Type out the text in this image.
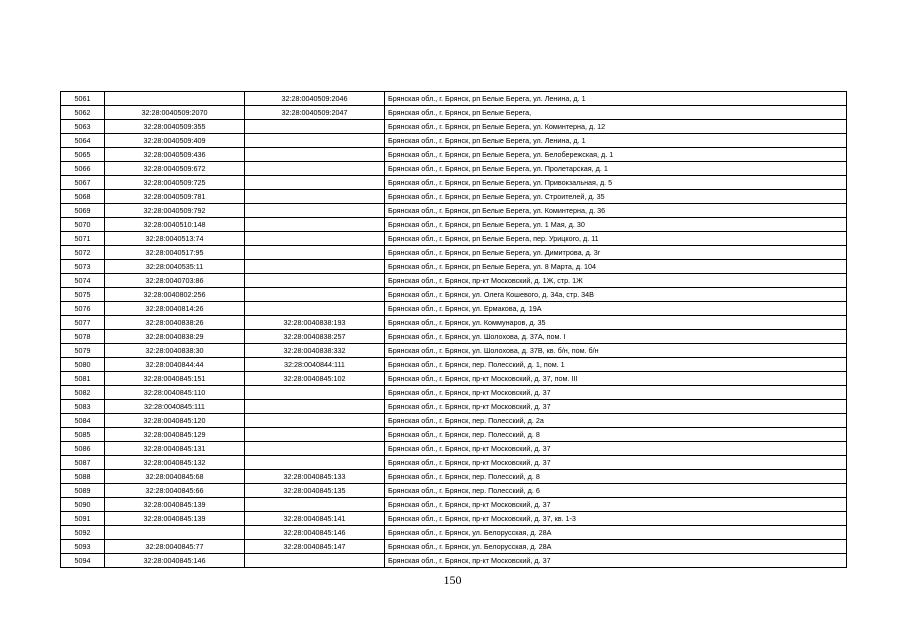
5061		32:28:0040509:2046	Брянская обл., г. Брянск, рп Белые Берега, ул. Ленина, д. 1
5062	32:28:0040509:2070	32:28:0040509:2047	Брянская обл., г. Брянск, рп Белые Берега,
5063	32:28:0040509:355		Брянская обл., г. Брянск, рп Белые Берега, ул. Коминтерна, д. 12
5064	32:28:0040509:409		Брянская обл., г. Брянск, рп Белые Берега, ул. Ленина, д. 1
5065	32:28:0040509:436		Брянская обл., г. Брянск, рп Белые Берега, ул. Белобережская, д. 1
5066	32:28:0040509:672		Брянская обл., г. Брянск, рп Белые Берега, ул. Пролетарская, д. 1
5067	32:28:0040509:725		Брянская обл., г. Брянск, рп Белые Берега, ул. Привокзальная, д. 5
5068	32:28:0040509:781		Брянская обл., г. Брянск, рп Белые Берега, ул. Строителей, д. 35
5069	32:28:0040509:792		Брянская обл., г. Брянск, рп Белые Берега, ул. Коминтерна, д. 36
5070	32:28:0040510:148		Брянская обл., г. Брянск, рп Белые Берега, ул. 1 Мая, д. 30
5071	32:28:0040513:74		Брянская обл., г. Брянск, рп Белые Берега, пер. Урицкого, д. 11
5072	32:28:0040517:95		Брянская обл., г. Брянск, рп Белые Берега, ул. Димитрова, д. 3г
5073	32:28:0040535:11		Брянская обл., г. Брянск, рп Белые Берега, ул. 8 Марта, д. 104
5074	32:28:0040703:86		Брянская обл., г. Брянск, пр-кт Московский, д. 1Ж, стр. 1Ж
5075	32:28:0040802:256		Брянская обл., г. Брянск, ул. Олега Кошевого, д. 34а, стр. 34В
5076	32:28:0040814:26		Брянская обл., г. Брянск, ул. Ермакова, д. 19А
5077	32:28:0040838:26	32:28:0040838:193	Брянская обл., г. Брянск, ул. Коммунаров, д. 35
5078	32:28:0040838:29	32:28:0040838:257	Брянская обл., г. Брянск, ул. Шолохова, д. 37А, пом. I
5079	32:28:0040838:30	32:28:0040838:332	Брянская обл., г. Брянск, ул. Шолохова, д. 37В, кв. б/н, пом. б/н
5080	32:28:0040844:44	32:28:0040844:111	Брянская обл., г. Брянск, пер. Полесский, д. 1, пом. 1
5081	32:28:0040845:151	32:28:0040845:102	Брянская обл., г. Брянск, пр-кт Московский, д. 37, пом. III
5082	32:28:0040845:110		Брянская обл., г. Брянск, пр-кт Московский, д. 37
5083	32:28:0040845:111		Брянская обл., г. Брянск, пр-кт Московский, д. 37
5084	32:28:0040845:120		Брянская обл., г. Брянск, пер. Полесский, д. 2а
5085	32:28:0040845:129		Брянская обл., г. Брянск, пер. Полесский, д. 8
5086	32:28:0040845:131		Брянская обл., г. Брянск, пр-кт Московский, д. 37
5087	32:28:0040845:132		Брянская обл., г. Брянск, пр-кт Московский, д. 37
5088	32:28:0040845:68	32:28:0040845:133	Брянская обл., г. Брянск, пер. Полесский, д. 8
5089	32:28:0040845:66	32:28:0040845:135	Брянская обл., г. Брянск, пер. Полесский, д. 6
5090	32:28:0040845:139		Брянская обл., г. Брянск, пр-кт Московский, д. 37
5091	32:28:0040845:139	32:28:0040845:141	Брянская обл., г. Брянск, пр-кт Московский, д. 37, кв. 1-3
5092		32:28:0040845:146	Брянская обл., г. Брянск, ул. Белорусская, д. 28А
5093	32:28:0040845:77	32:28:0040845:147	Брянская обл., г. Брянск, ул. Белорусская, д. 28А
5094	32:28:0040845:146		Брянская обл., г. Брянск, пр-кт Московский, д. 37
150
